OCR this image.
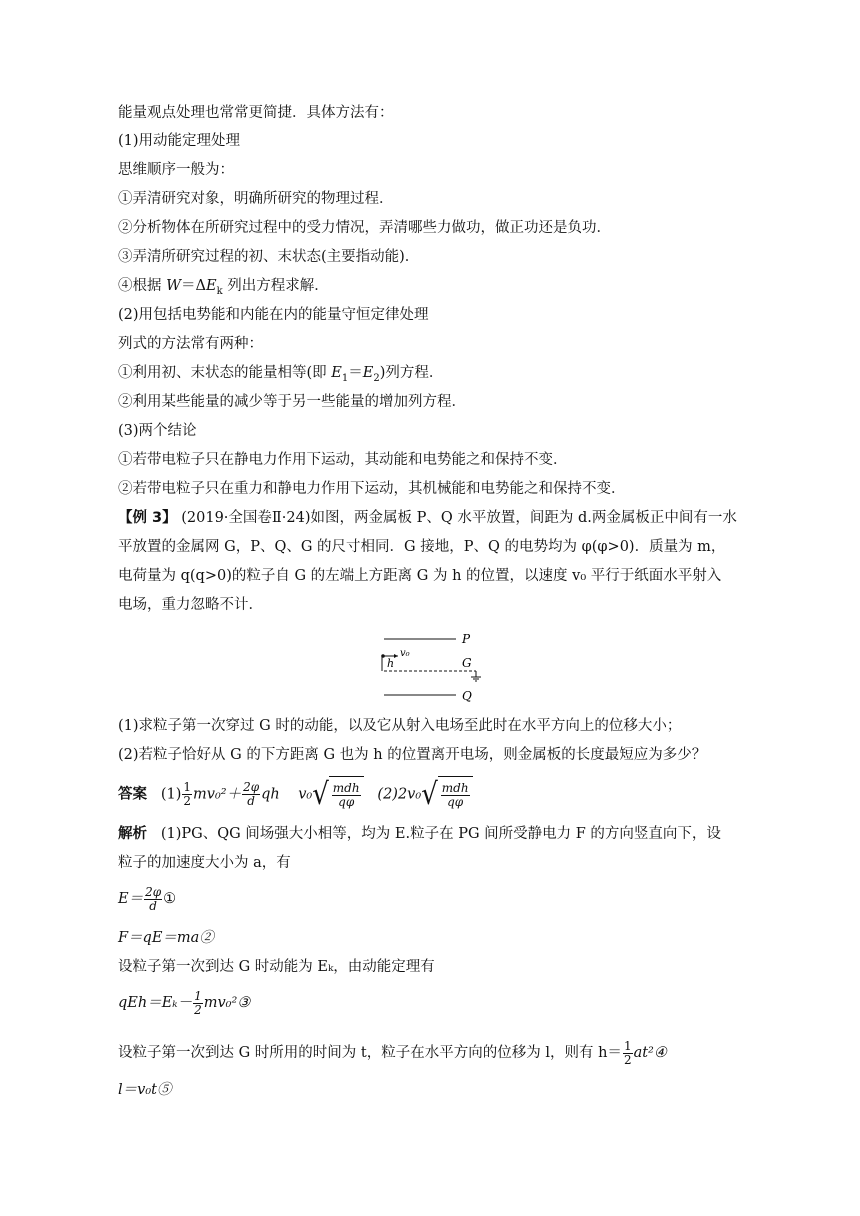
能量观点处理也常常更简捷．具体方法有：
(1)用动能定理处理
思维顺序一般为：
①弄清研究对象，明确所研究的物理过程．
②分析物体在所研究过程中的受力情况，弄清哪些力做功，做正功还是负功．
③弄清所研究过程的初、末状态(主要指动能)．
④根据 $W=\Delta E_k$ 列出方程求解．
(2)用包括电势能和内能在内的能量守恒定律处理
列式的方法常有两种：
①利用初、末状态的能量相等(即 $E_1=E_2$)列方程．
②利用某些能量的减少等于另一些能量的增加列方程．
(3)两个结论
①若带电粒子只在静电力作用下运动，其动能和电势能之和保持不变．
②若带电粒子只在重力和静电力作用下运动，其机械能和电势能之和保持不变．
【例 3】 (2019·全国卷Ⅱ·24)如图，两金属板 P、Q 水平放置，间距为 d.两金属板正中间有一水
平放置的金属网 G，P、Q、G 的尺寸相同．G 接地，P、Q 的电势均为 φ(φ>0)．质量为 m，
电荷量为 q(q>0)的粒子自 G 的左端上方距离 G 为 h 的位置，以速度 v₀ 平行于纸面水平射入
电场，重力忽略不计．
P
v₀
h	G
Q
(1)求粒子第一次穿过 G 时的动能，以及它从射入电场至此时在水平方向上的位移大小；
(2)若粒子恰好从 G 的下方距离 G 也为 h 的位置离开电场，则金属板的长度最短应为多少？
答案 $(1) \frac{1}{2} mv_0^2+ \frac{2\varphi}{d}$ qh v₀ √ $\frac{\text{mdh}}{q\varphi} (2)2v_0$ √ $\frac{\text{mdh}}{q\varphi}$
解析 (1)PG、QG 间场强大小相等，均为 E.粒子在 PG 间所受静电力 F 的方向竖直向下，设
粒子的加速度大小为 a，有
$E= \frac{2\varphi}{d}$ ①
F＝qE＝ma②
设粒子第一次到达 G 时动能为 Eₖ，由动能定理有
$qEh=E_k- \frac{1}{2}$ mv₀²③
设粒子第一次到达 G 时所用的时间为 t，粒子在水平方向的位移为 l，则有 $h= \frac{1}{2}$ at²④
l＝v₀t⑤
